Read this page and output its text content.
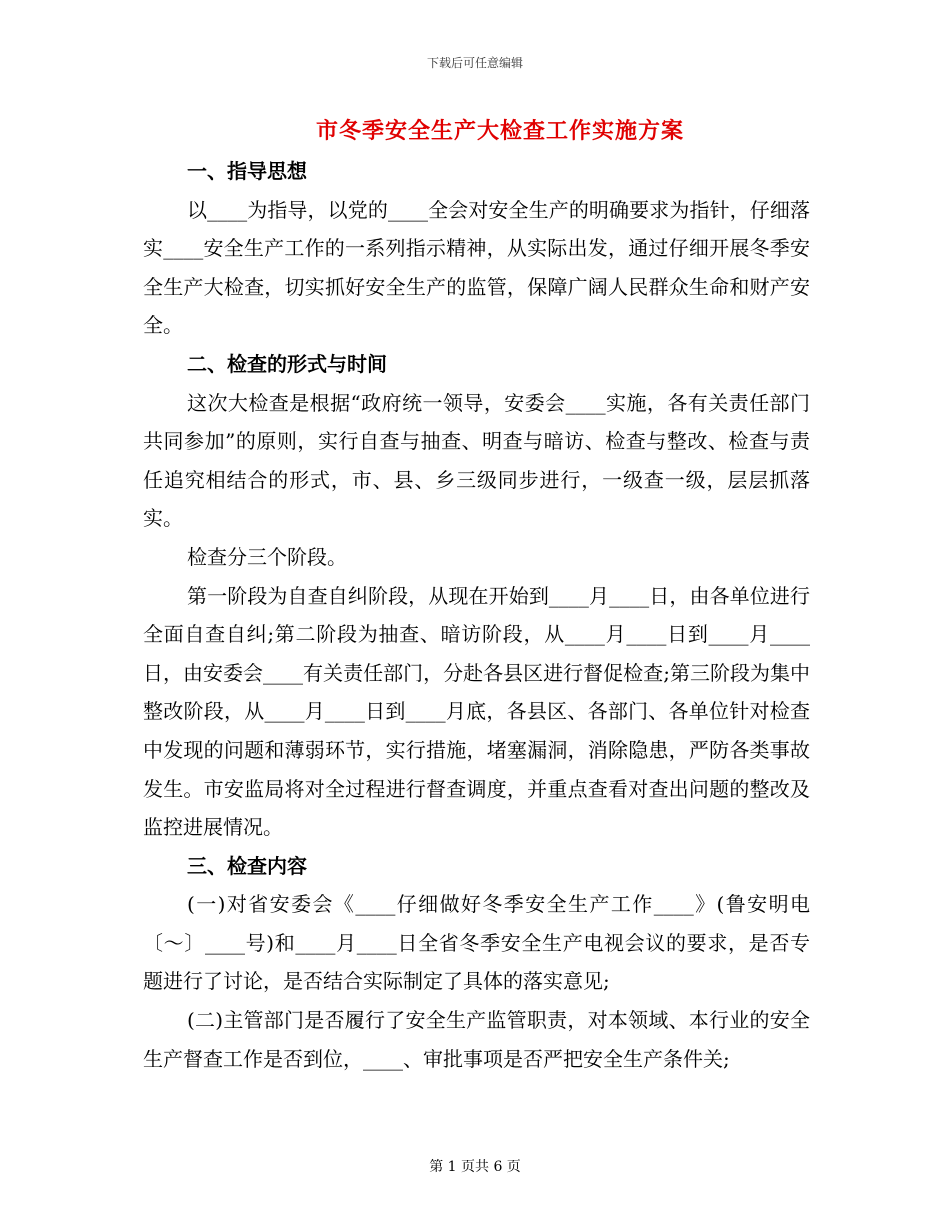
下载后可任意编辑
市冬季安全生产大检查工作实施方案

一、指导思想

以____为指导，以党的____全会对安全生产的明确要求为指针，仔细落实____安全生产工作的一系列指示精神，从实际出发，通过仔细开展冬季安全生产大检查，切实抓好安全生产的监管，保障广阔人民群众生命和财产安全。

二、检查的形式与时间

这次大检查是根据“政府统一领导，安委会____实施，各有关责任部门共同参加”的原则，实行自查与抽查、明查与暗访、检查与整改、检查与责任追究相结合的形式，市、县、乡三级同步进行，一级查一级，层层抓落实。

检查分三个阶段。

第一阶段为自查自纠阶段，从现在开始到____月____日，由各单位进行全面自查自纠;第二阶段为抽查、暗访阶段，从____月____日到____月____日，由安委会____有关责任部门，分赴各县区进行督促检查;第三阶段为集中整改阶段，从____月____日到____月底，各县区、各部门、各单位针对检查中发现的问题和薄弱环节，实行措施，堵塞漏洞，消除隐患，严防各类事故发生。市安监局将对全过程进行督查调度，并重点查看对查出问题的整改及监控进展情况。

三、检查内容

(一)对省安委会《____仔细做好冬季安全生产工作____》(鲁安明电〔～〕____号)和____月____日全省冬季安全生产电视会议的要求，是否专题进行了讨论，是否结合实际制定了具体的落实意见;

(二)主管部门是否履行了安全生产监管职责，对本领域、本行业的安全生产督查工作是否到位，____、审批事项是否严把安全生产条件关;

第 1 页共 6 页
